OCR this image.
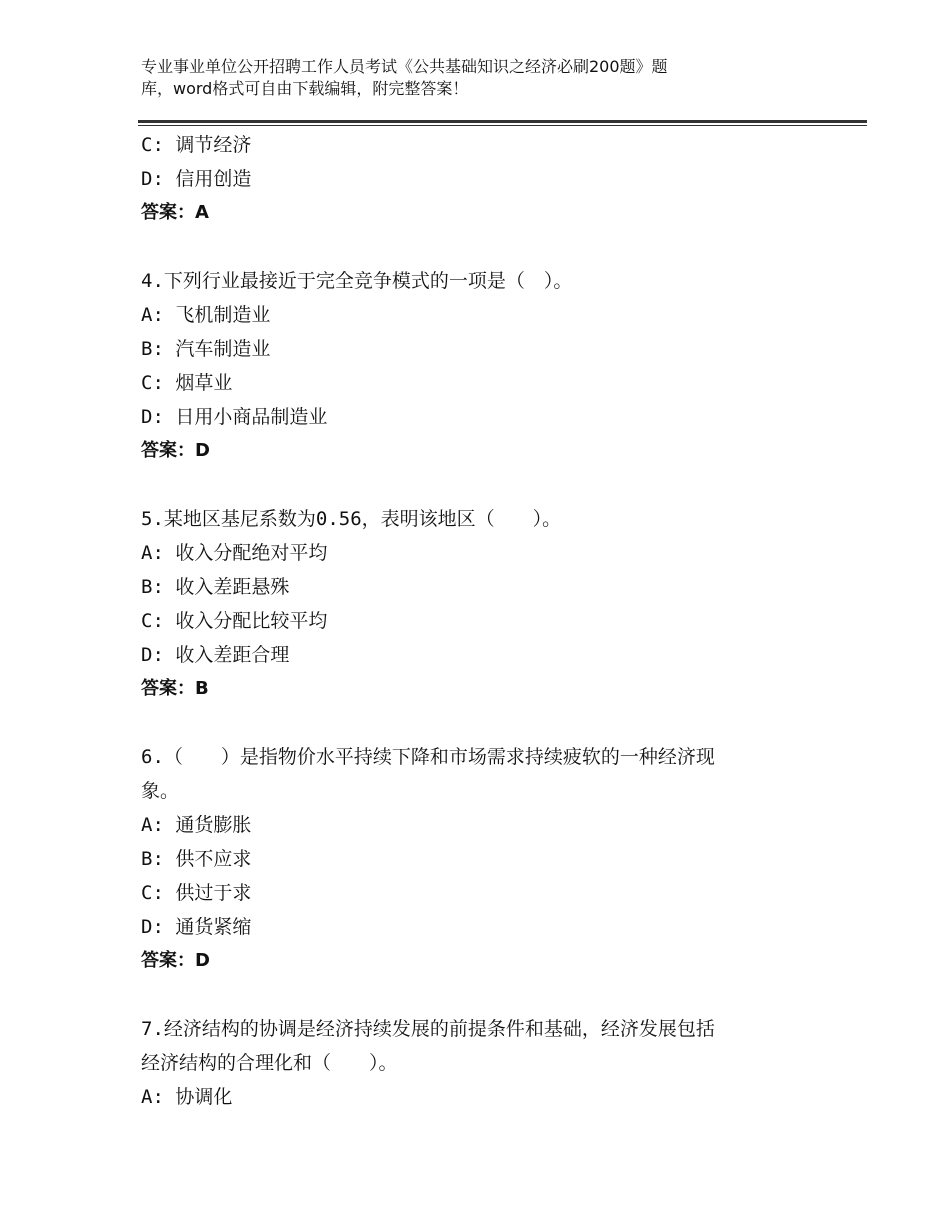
专业事业单位公开招聘工作人员考试《公共基础知识之经济必刷200题》题
库，word格式可自由下载编辑，附完整答案！
C: 调节经济
D: 信用创造
答案：A
4.下列行业最接近于完全竞争模式的一项是（　）。
A: 飞机制造业
B: 汽车制造业
C: 烟草业
D: 日用小商品制造业
答案：D
5.某地区基尼系数为0.56，表明该地区（　　）。
A: 收入分配绝对平均
B: 收入差距悬殊
C: 收入分配比较平均
D: 收入差距合理
答案：B
6.（　　）是指物价水平持续下降和市场需求持续疲软的一种经济现
象。
A: 通货膨胀
B: 供不应求
C: 供过于求
D: 通货紧缩
答案：D
7.经济结构的协调是经济持续发展的前提条件和基础，经济发展包括
经济结构的合理化和（　　）。
A: 协调化
